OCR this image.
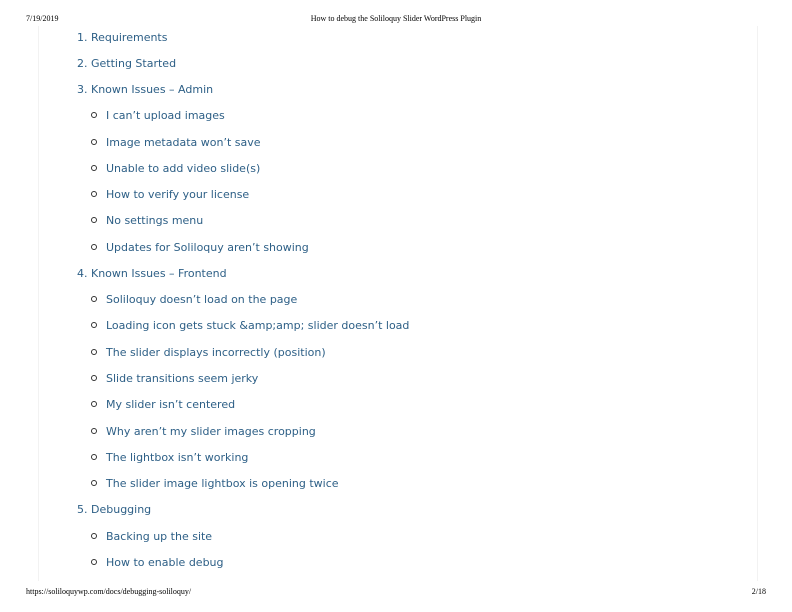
7/19/2019	How to debug the Soliloquy Slider WordPress Plugin
1. Requirements
2. Getting Started
3. Known Issues – Admin
I can’t upload images
Image metadata won’t save
Unable to add video slide(s)
How to verify your license
No settings menu
Updates for Soliloquy aren’t showing
4. Known Issues – Frontend
Soliloquy doesn’t load on the page
Loading icon gets stuck &amp;amp; slider doesn’t load
The slider displays incorrectly (position)
Slide transitions seem jerky
My slider isn’t centered
Why aren’t my slider images cropping
The lightbox isn’t working
The slider image lightbox is opening twice
5. Debugging
Backing up the site
How to enable debug
https://soliloquywp.com/docs/debugging-soliloquy/	2/18
